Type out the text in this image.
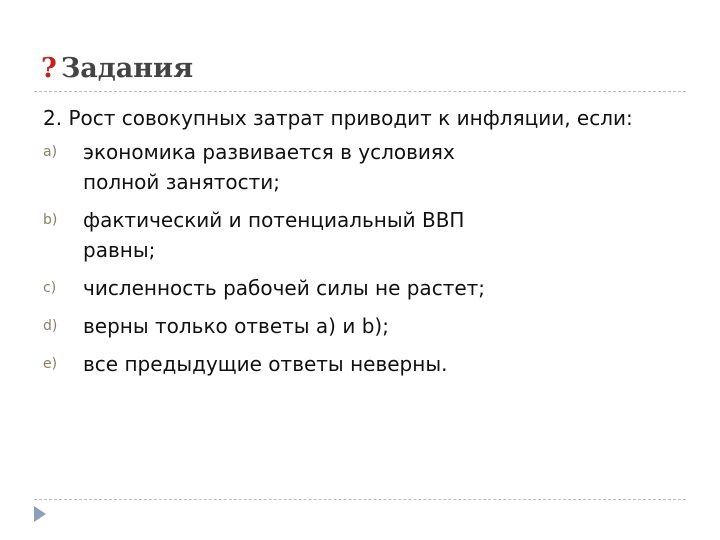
? Задания

2. Рост совокупных затрат приводит к инфляции, если:

a)	экономика развивается в условиях полной занятости;
b)	фактический и потенциальный ВВП равны;
c)	численность рабочей силы не растет;
d)	верны только ответы а) и b);
e)	все предыдущие ответы неверны.
